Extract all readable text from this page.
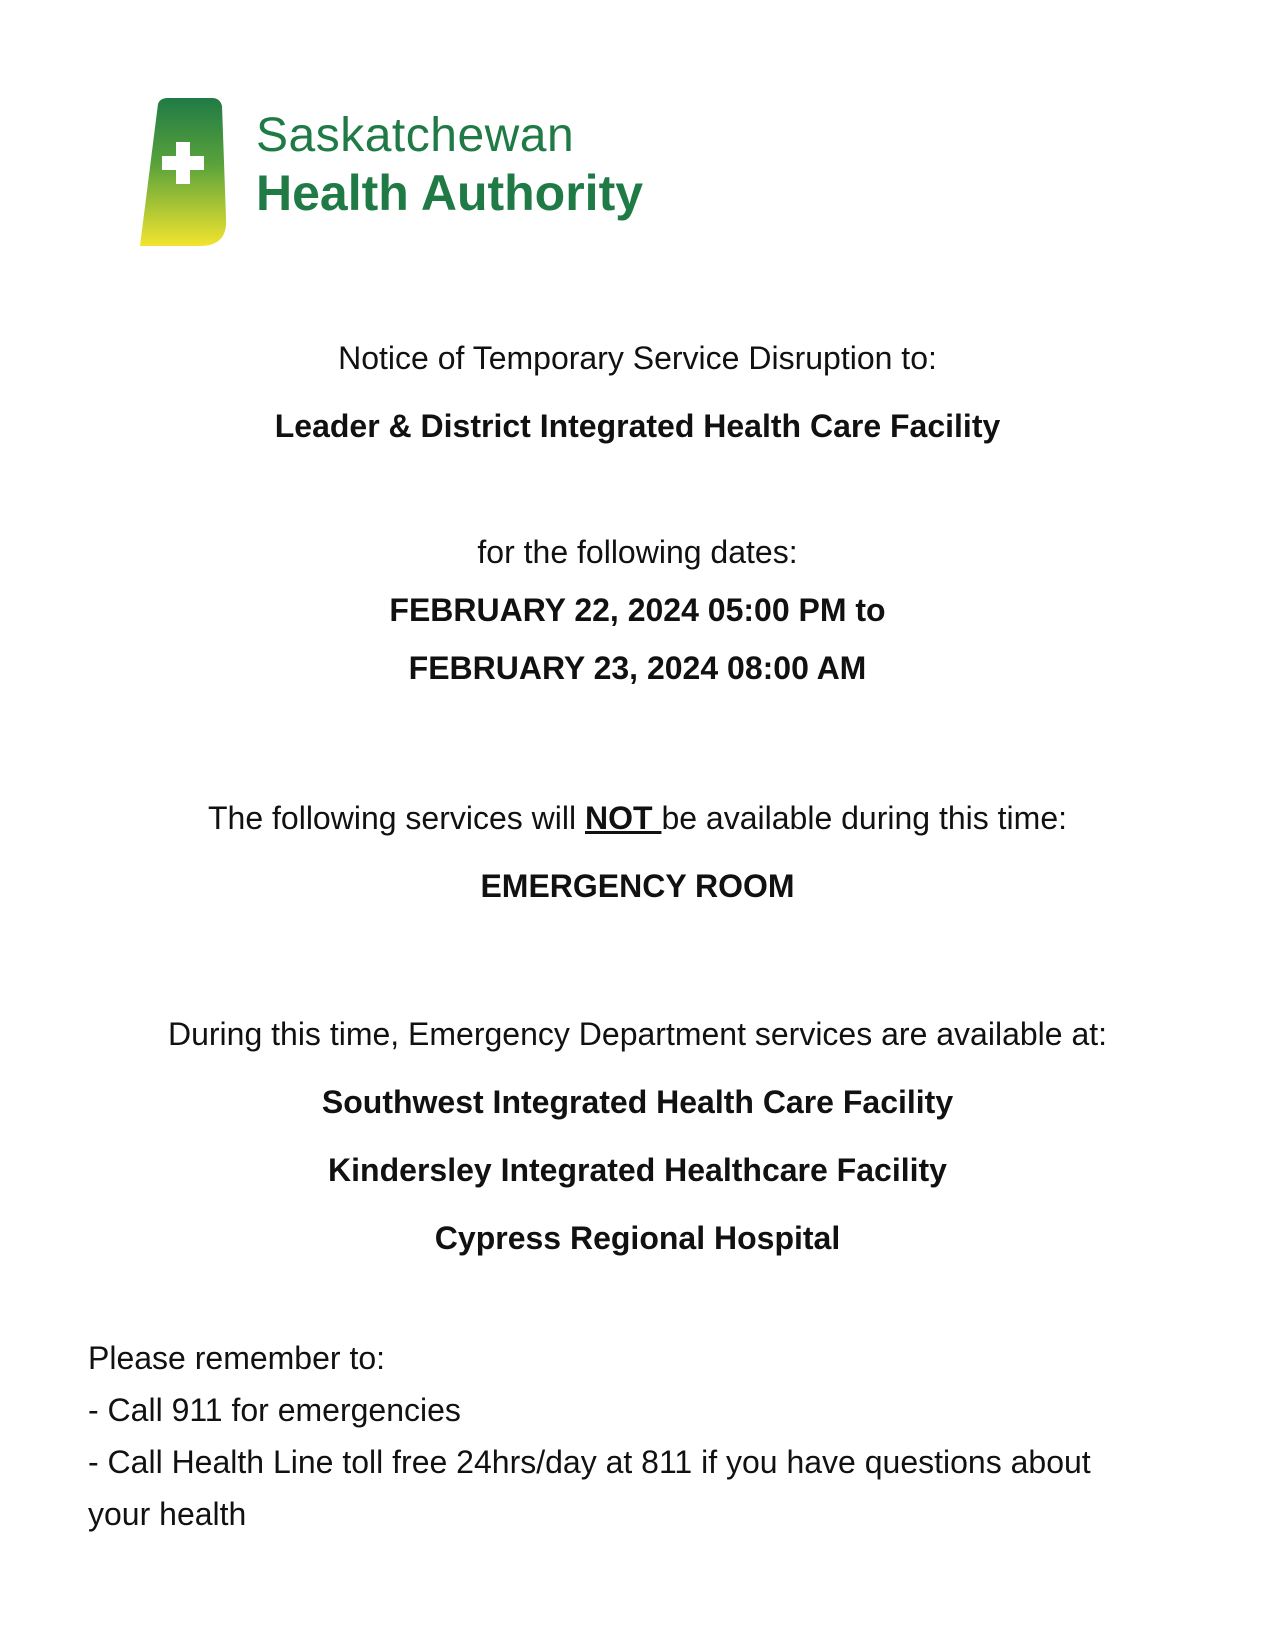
Saskatchewan
Health Authority
Notice of Temporary Service Disruption to:
Leader & District Integrated Health Care Facility
for the following dates:
FEBRUARY 22, 2024 05:00 PM to
FEBRUARY 23, 2024 08:00 AM
The following services will NOT be available during this time:
EMERGENCY ROOM
During this time, Emergency Department services are available at:
Southwest Integrated Health Care Facility
Kindersley Integrated Healthcare Facility
Cypress Regional Hospital
Please remember to:
- Call 911 for emergencies
- Call Health Line toll free 24hrs/day at 811 if you have questions about
your health
